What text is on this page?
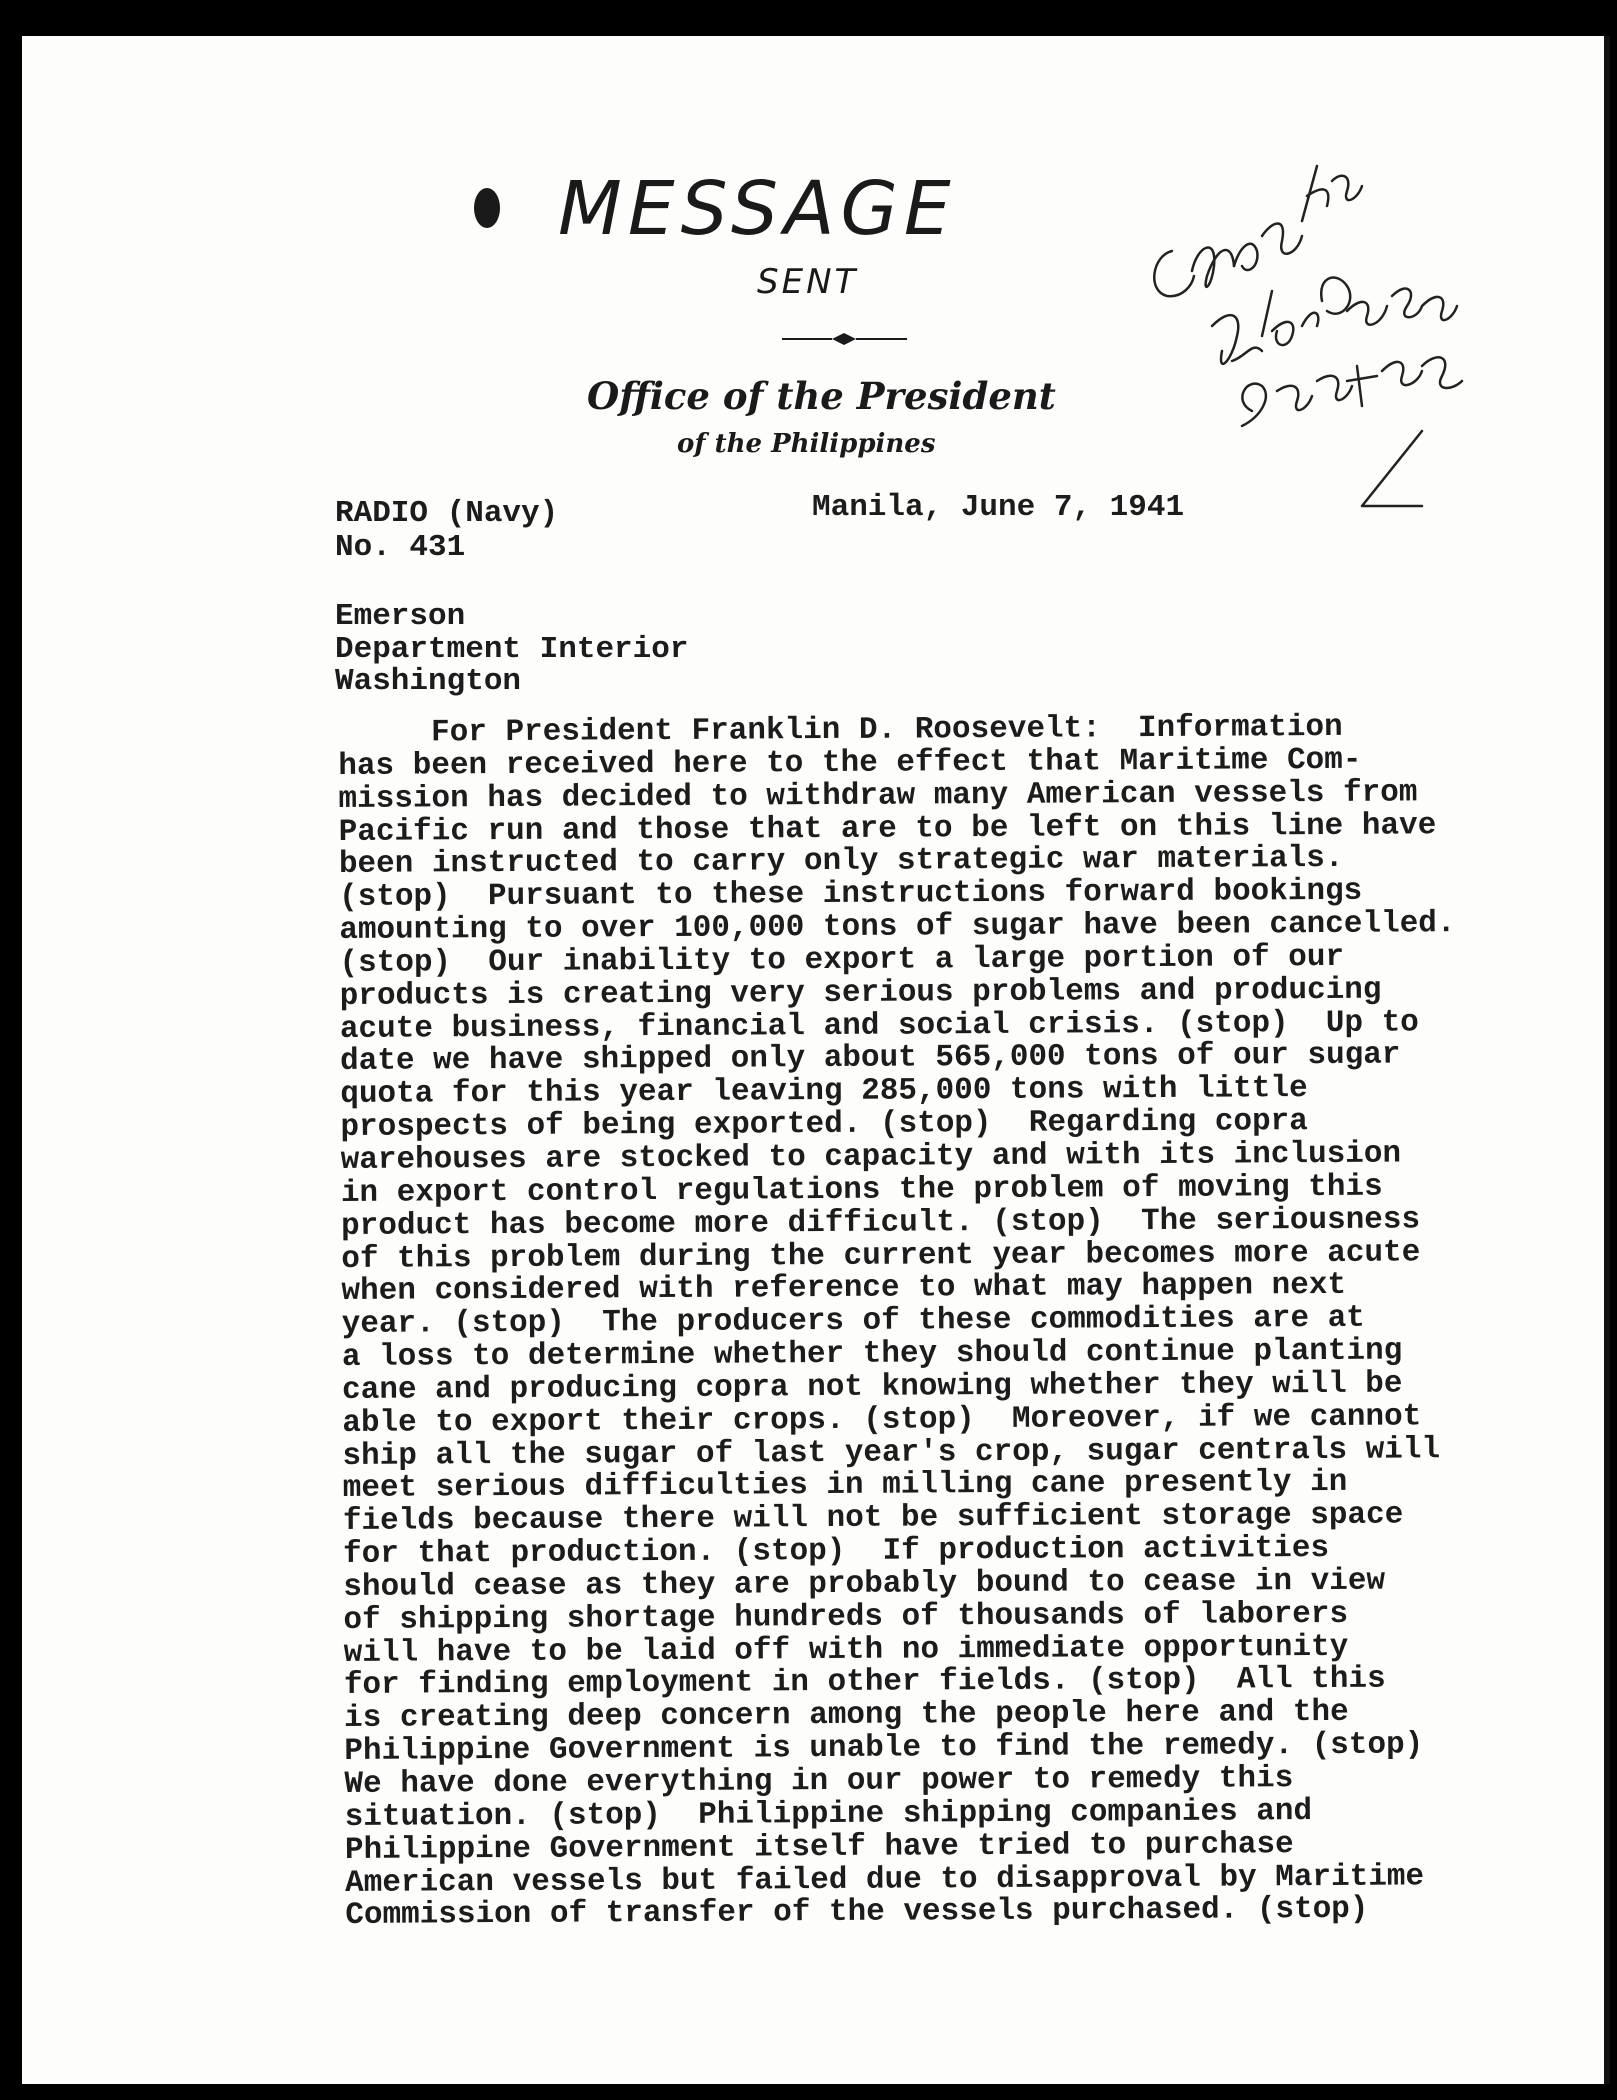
MESSAGE
SENT
Office of the President
of the Philippines
RADIO (Navy)
No. 431
Manila, June 7, 1941
Emerson
Department Interior
Washington
For President Franklin D. Roosevelt:  Information
has been received here to the effect that Maritime Com-
mission has decided to withdraw many American vessels from
Pacific run and those that are to be left on this line have
been instructed to carry only strategic war materials.
(stop)  Pursuant to these instructions forward bookings
amounting to over 100,000 tons of sugar have been cancelled.
(stop)  Our inability to export a large portion of our
products is creating very serious problems and producing
acute business, financial and social crisis. (stop)  Up to
date we have shipped only about 565,000 tons of our sugar
quota for this year leaving 285,000 tons with little
prospects of being exported. (stop)  Regarding copra
warehouses are stocked to capacity and with its inclusion
in export control regulations the problem of moving this
product has become more difficult. (stop)  The seriousness
of this problem during the current year becomes more acute
when considered with reference to what may happen next
year. (stop)  The producers of these commodities are at
a loss to determine whether they should continue planting
cane and producing copra not knowing whether they will be
able to export their crops. (stop)  Moreover, if we cannot
ship all the sugar of last year's crop, sugar centrals will
meet serious difficulties in milling cane presently in
fields because there will not be sufficient storage space
for that production. (stop)  If production activities
should cease as they are probably bound to cease in view
of shipping shortage hundreds of thousands of laborers
will have to be laid off with no immediate opportunity
for finding employment in other fields. (stop)  All this
is creating deep concern among the people here and the
Philippine Government is unable to find the remedy. (stop)
We have done everything in our power to remedy this
situation. (stop)  Philippine shipping companies and
Philippine Government itself have tried to purchase
American vessels but failed due to disapproval by Maritime
Commission of transfer of the vessels purchased. (stop)
